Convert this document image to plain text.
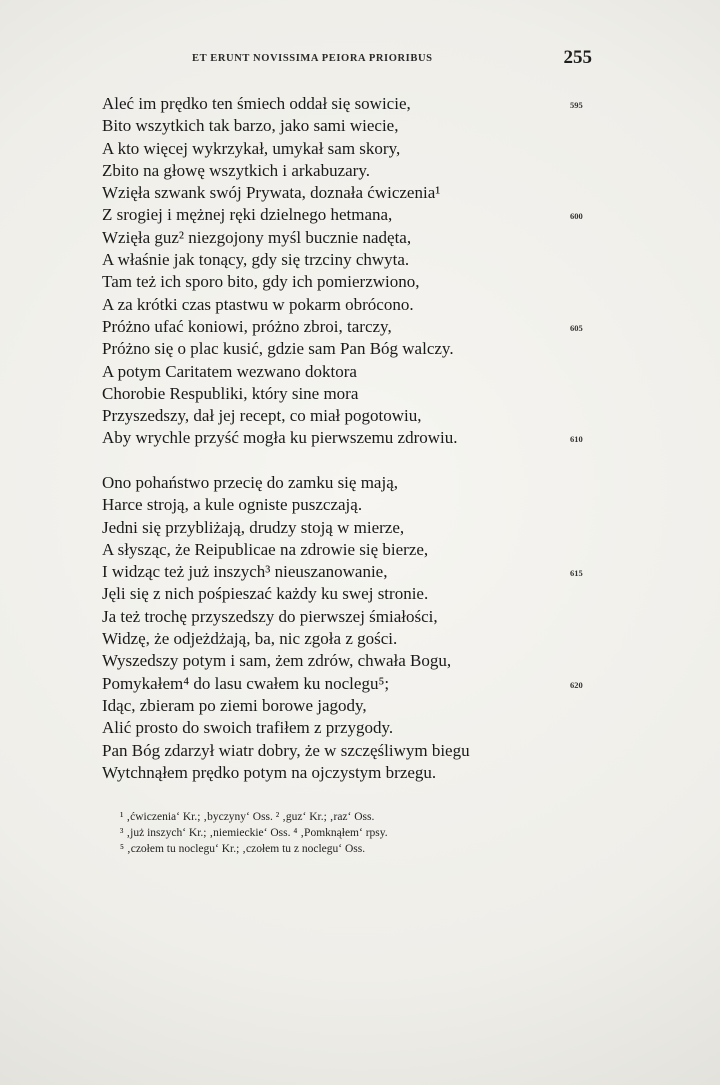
ET ERUNT NOVISSIMA PEIORA PRIORIBUS	255
Aleć im prędko ten śmiech oddał się sowicie,	595
Bito wszytkich tak barzo, jako sami wiecie,
A kto więcej wykrzykał, umykał sam skory,
Zbito na głowę wszytkich i arkabuzary.
Wzięła szwank swój Prywata, doznała ćwiczenia¹
Z srogiej i mężnej ręki dzielnego hetmana,	600
Wzięła guz² niezgojony myśl bucznie nadęta,
A właśnie jak tonący, gdy się trzciny chwyta.
Tam też ich sporo bito, gdy ich pomierzwiono,
A za krótki czas ptastwu w pokarm obrócono.
Próżno ufać koniowi, próżno zbroi, tarczy,	605
Próżno się o plac kusić, gdzie sam Pan Bóg walczy.
A potym Caritatem wezwano doktora
Chorobie Respubliki, który sine mora
Przyszedszy, dał jej recept, co miał pogotowiu,
Aby wrychle przyść mogła ku pierwszemu zdrowiu.	610
Ono pohaństwo przecię do zamku się mają,
Harce stroją, a kule ogniste puszczają.
Jedni się przybliżają, drudzy stoją w mierze,
A słysząc, że Reipublicae na zdrowie się bierze,
I widząc też już inszych³ nieuszanowanie,	615
Jęli się z nich pośpieszać każdy ku swej stronie.
Ja też trochę przyszedszy do pierwszej śmiałości,
Widzę, że odjeżdżają, ba, nic zgoła z gości.
Wyszedszy potym i sam, żem zdrów, chwała Bogu,
Pomykałem⁴ do lasu cwałem ku noclegu⁵;	620
Idąc, zbieram po ziemi borowe jagody,
Alić prosto do swoich trafiłem z przygody.
Pan Bóg zdarzył wiatr dobry, że w szczęśliwym biegu
Wytchnąłem prędko potym na ojczystym brzegu.
¹ ‚ćwiczenia‘ Kr.; ‚byczyny‘ Oss. ² ‚guz‘ Kr.; ‚raz‘ Oss.
³ ‚już inszych‘ Kr.; ‚niemieckie‘ Oss. ⁴ ‚Pomknąłem‘ rpsy.
⁵ ‚czołem tu noclegu‘ Kr.; ‚czołem tu z noclegu‘ Oss.
